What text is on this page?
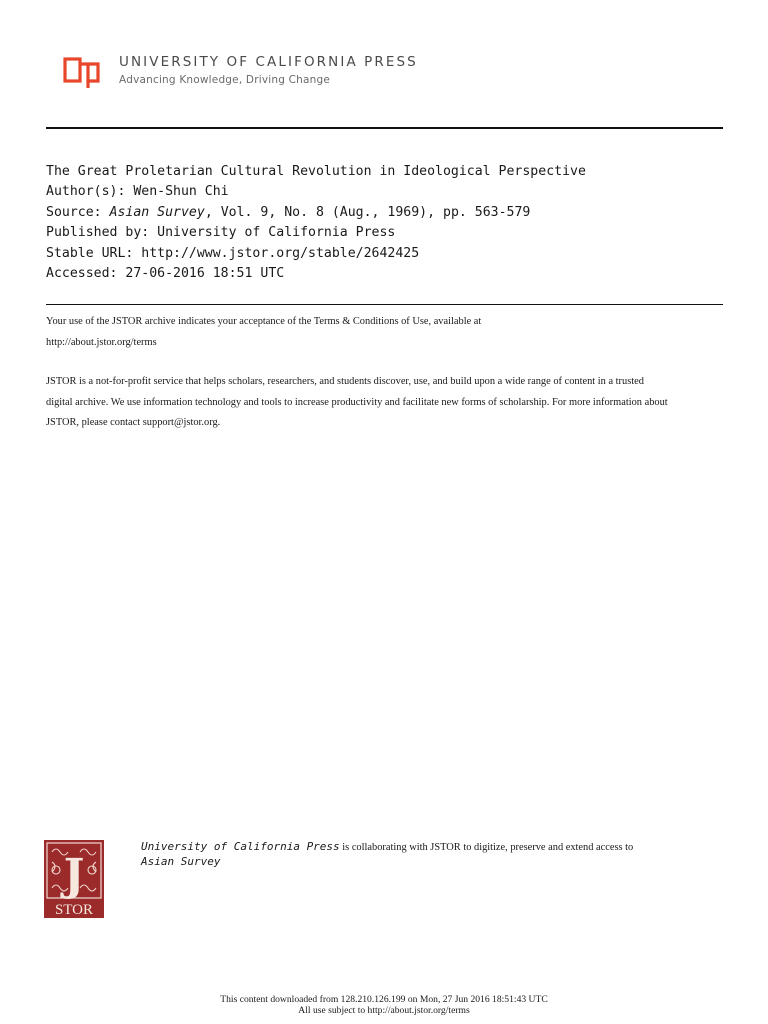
UNIVERSITY OF CALIFORNIA PRESS
Advancing Knowledge, Driving Change
The Great Proletarian Cultural Revolution in Ideological Perspective
Author(s): Wen-Shun Chi
Source: Asian Survey, Vol. 9, No. 8 (Aug., 1969), pp. 563-579
Published by: University of California Press
Stable URL: http://www.jstor.org/stable/2642425
Accessed: 27-06-2016 18:51 UTC

Your use of the JSTOR archive indicates your acceptance of the Terms & Conditions of Use, available at

http://about.jstor.org/terms

JSTOR is a not-for-profit service that helps scholars, researchers, and students discover, use, and build upon a wide range of content in a trusted

digital archive. We use information technology and tools to increase productivity and facilitate new forms of scholarship. For more information about

JSTOR, please contact support@jstor.org.

J
STOR
University of California Press is collaborating with JSTOR to digitize, preserve and extend access to
Asian Survey
This content downloaded from 128.210.126.199 on Mon, 27 Jun 2016 18:51:43 UTC
All use subject to http://about.jstor.org/terms
